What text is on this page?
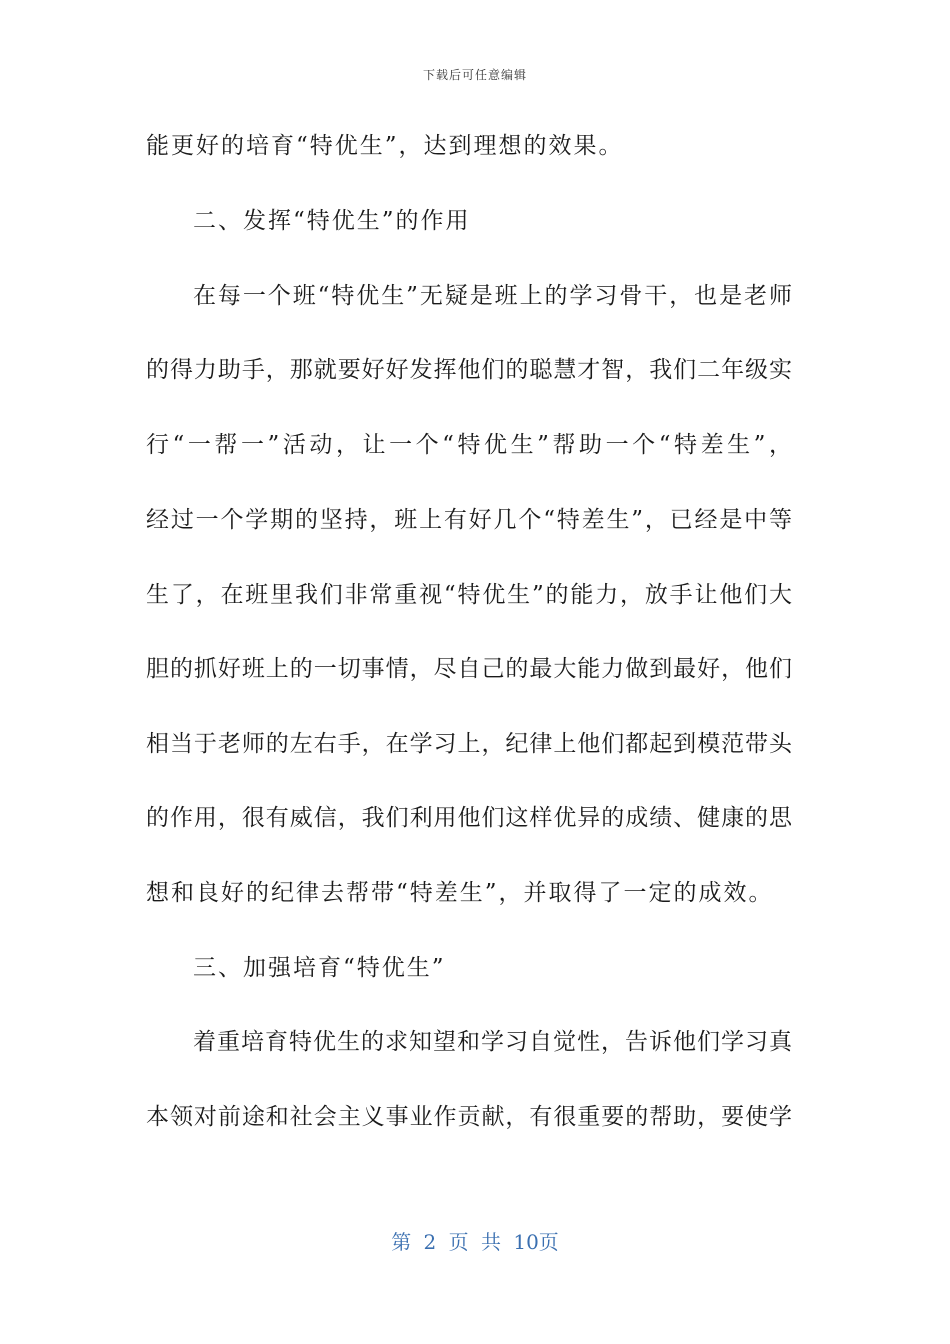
下载后可任意编辑
能更好的培育“特优生”，达到理想的效果。
二、发挥“特优生”的作用
在每一个班“特优生”无疑是班上的学习骨干，也是老师
的得力助手，那就要好好发挥他们的聪慧才智，我们二年级实
行“一帮一”活动，让一个“特优生”帮助一个“特差生”，
经过一个学期的坚持，班上有好几个“特差生”，已经是中等
生了，在班里我们非常重视“特优生”的能力，放手让他们大
胆的抓好班上的一切事情，尽自己的最大能力做到最好，他们
相当于老师的左右手，在学习上，纪律上他们都起到模范带头
的作用，很有威信，我们利用他们这样优异的成绩、健康的思
想和良好的纪律去帮带“特差生”，并取得了一定的成效。
三、加强培育“特优生”
着重培育特优生的求知望和学习自觉性，告诉他们学习真
本领对前途和社会主义事业作贡献，有很重要的帮助，要使学
第 2 页 共 10页
